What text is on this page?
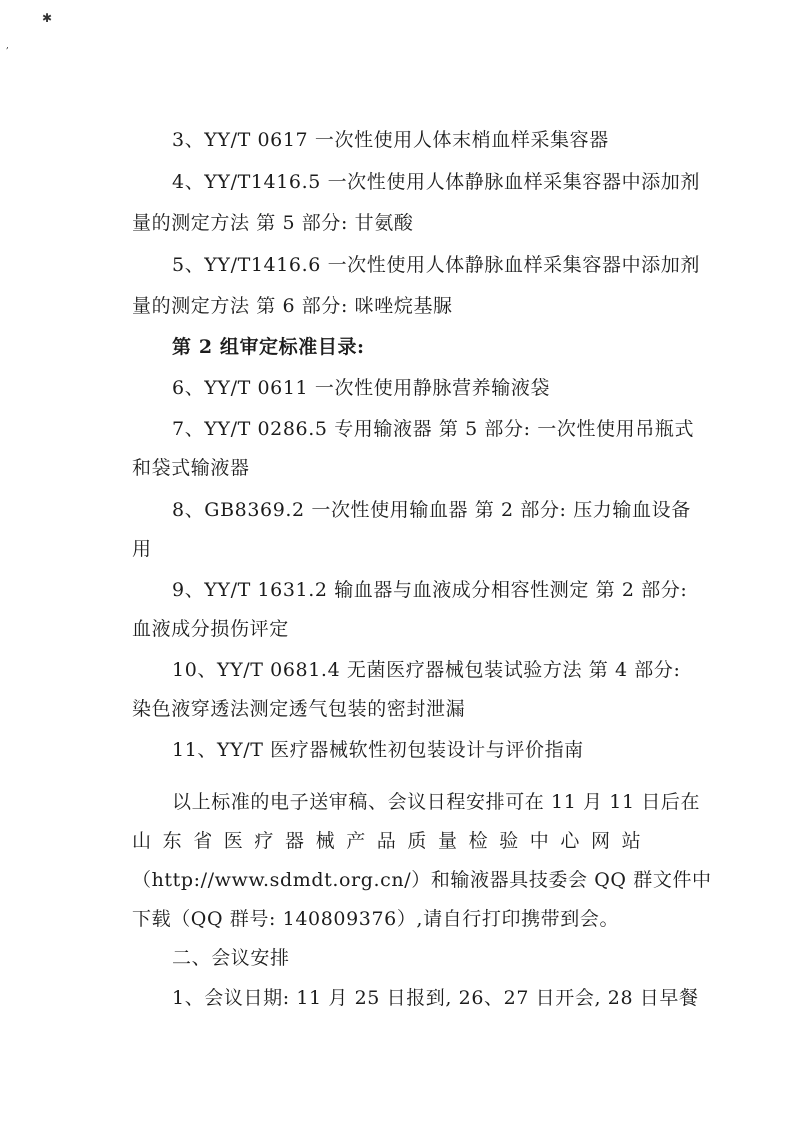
✱
,
3、YY/T 0617 一次性使用人体末梢血样采集容器
4、YY/T1416.5 一次性使用人体静脉血样采集容器中添加剂
量的测定方法 第 5 部分: 甘氨酸
5、YY/T1416.6 一次性使用人体静脉血样采集容器中添加剂
量的测定方法 第 6 部分: 咪唑烷基脲
第 2 组审定标准目录:
6、YY/T 0611 一次性使用静脉营养输液袋
7、YY/T 0286.5 专用输液器 第 5 部分: 一次性使用吊瓶式
和袋式输液器
8、GB8369.2 一次性使用输血器 第 2 部分: 压力输血设备
用
9、YY/T 1631.2 输血器与血液成分相容性测定 第 2 部分:
血液成分损伤评定
10、YY/T 0681.4 无菌医疗器械包装试验方法 第 4 部分:
染色液穿透法测定透气包装的密封泄漏
11、YY/T 医疗器械软性初包装设计与评价指南
以上标准的电子送审稿、会议日程安排可在 11 月 11 日后在
山东省医疗器械产品质量检验中心网站
（http://www.sdmdt.org.cn/）和输液器具技委会 QQ 群文件中
下载（QQ 群号: 140809376）,请自行打印携带到会。
二、会议安排
1、会议日期: 11 月 25 日报到, 26、27 日开会, 28 日早餐
